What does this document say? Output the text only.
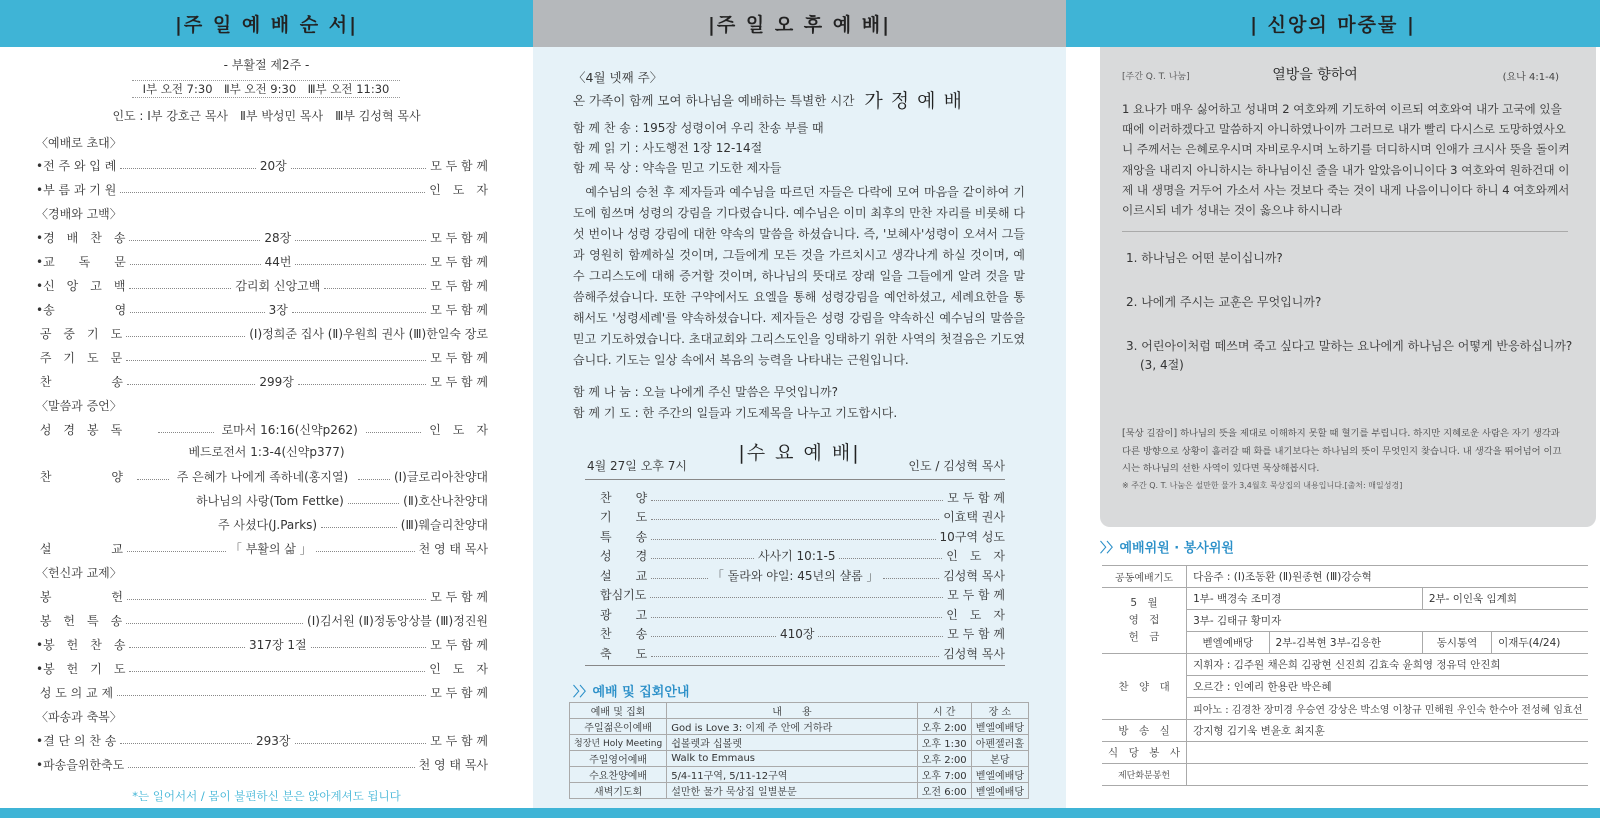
|주 일 예 배 순 서|
- 부활절 제2주 -
Ⅰ부 오전 7:30　Ⅱ부 오전 9:30　Ⅲ부 오전 11:30
인도 : Ⅰ부 강호근 목사　Ⅱ부 박성민 목사　Ⅲ부 김성혁 목사
〈예배로 초대〉
•전 주 와 입 례	20장	모 두 함 께
•부 름 과 기 원	인　도　자
〈경배와 고백〉
•경　배　찬　송	28장	모 두 함 께
•교　　독　　문	44번	모 두 함 께
•신　앙　고　백	감리회 신앙고백	모 두 함 께
•송　　　　　영	3장	모 두 함 께
공　중　기　도	(Ⅰ)정희준 집사 (Ⅱ)우원희 권사 (Ⅲ)한일숙 장로
주　기　도　문	모 두 함 께
찬　　　　　송	299장	모 두 함 께
〈말씀과 증언〉
성　경　봉　독	로마서 16:16(신약p262)	인　도　자
베드로전서 1:3-4(신약p377)
찬　　　　　양	주 은혜가 나에게 족하네(홍지열)	(Ⅰ)글로리아찬양대
하나님의 사랑(Tom Fettke)	(Ⅱ)호산나찬양대
주 사셨다(J.Parks)	(Ⅲ)웨슬리찬양대
설　　　　　교	「 부활의 삶 」	천 영 태 목사
〈헌신과 교제〉
봉　　　　　헌	모 두 함 께
봉　헌　특　송	(Ⅰ)김서원 (Ⅱ)정동앙상블 (Ⅲ)정진원
•봉　헌　찬　송	317장 1절	모 두 함 께
•봉　헌　기　도	인　도　자
성 도 의 교 제	모 두 함 께
〈파송과 축복〉
•결 단 의 찬 송	293장	모 두 함 께
•파송을위한축도	천 영 태 목사
*는 일어서서 / 몸이 불편하신 분은 앉아계셔도 됩니다
|주 일 오 후 예 배|
〈4월 넷째 주〉
온 가족이 함께 모여 하나님을 예배하는 특별한 시간 가 정 예 배
함 께 찬 송 : 195장 성령이여 우리 찬송 부를 때
함 께 읽 기 : 사도행전 1장 12-14절
함 께 묵 상 : 약속을 믿고 기도한 제자들
　예수님의 승천 후 제자들과 예수님을 따르던 자들은 다락에 모여 마음을 같이하여 기도에 힘쓰며 성령의 강림을 기다렸습니다. 예수님은 이미 최후의 만찬 자리를 비롯해 다섯 번이나 성령 강림에 대한 약속의 말씀을 하셨습니다. 즉, '보혜사'성령이 오셔서 그들과 영원히 함께하실 것이며, 그들에게 모든 것을 가르치시고 생각나게 하실 것이며, 예수 그리스도에 대해 증거할 것이며, 하나님의 뜻대로 장래 일을 그들에게 알려 것을 말씀해주셨습니다. 또한 구약에서도 요엘을 통해 성령강림을 예언하셨고, 세례요한을 통해서도 '성령세례'를 약속하셨습니다. 제자들은 성령 강림을 약속하신 예수님의 말씀을 믿고 기도하였습니다. 초대교회와 그리스도인을 잉태하기 위한 사역의 첫걸음은 기도였습니다. 기도는 일상 속에서 복음의 능력을 나타내는 근원입니다.
함 께 나 눔 : 오늘 나에게 주신 말씀은 무엇입니까?
함 께 기 도 : 한 주간의 일들과 기도제목을 나누고 기도합시다.
|수 요 예 배|
4월 27일 오후 7시	인도 / 김성혁 목사
〉〉예배 및 집회안내
예배 및 집회	내　　용	시 간	장 소
주일젊은이예배	God is Love 3: 이제 주 안에 거하라	오후 2:00	벧엘예배당
청장년 Holy Meeting	쉽볼렛과 십볼렛	오후 1:30	아펜젤러홀
주일영어예배	Walk to Emmaus	오후 2:00	본당
수요찬양예배	5/4-11구역, 5/11-12구역	오후 7:00	벧엘예배당
새벽기도회	설만한 물가 묵상집 일별분문	오전 6:00	벧엘예배당
| 신앙의 마중물 |
[주간 Q. T. 나눔]	열방을 향하여	(요나 4:1-4)
1 요나가 매우 싫어하고 성내며 2 여호와께 기도하여 이르되 여호와여 내가 고국에 있을 때에 이러하겠다고 말씀하지 아니하였나이까 그러므로 내가 빨리 다시스로 도망하였사오니 주께서는 은혜로우시며 자비로우시며 노하기를 더디하시며 인애가 크시사 뜻을 돌이켜 재앙을 내리지 아니하시는 하나님이신 줄을 내가 알았음이니이다 3 여호와여 원하건대 이제 내 생명을 거두어 가소서 사는 것보다 죽는 것이 내게 나음이니이다 하니 4 여호와께서 이르시되 네가 성내는 것이 옳으냐 하시니라
1. 하나님은 어떤 분이십니까?
2. 나에게 주시는 교훈은 무엇입니까?
3. 어린아이처럼 떼쓰며 죽고 싶다고 말하는 요나에게 하나님은 어떻게 반응하십니까?
(3, 4절)
[묵상 길잡이] 하나님의 뜻을 제대로 이해하지 못할 때 혈기를 부립니다. 하지만 지혜로운 사람은 자기 생각과 다른 방향으로 상황이 흘러갈 때 화를 내기보다는 하나님의 뜻이 무엇인지 찾습니다. 내 생각을 뛰어넘어 이끄시는 하나님의 선한 사역이 있다면 묵상해봅시다.
※ 주간 Q. T. 나눔은 설만한 물가 3,4월호 묵상집의 내용입니다.[출처: 매일성경]
〉〉예배위원 · 봉사위원
공동예배기도	다음주 : (Ⅰ)조동환 (Ⅱ)원종현 (Ⅲ)강승혁			
5　월
영　접
헌　금	1부- 백경숙 조미경		2부- 이인욱 임계희	
	3부- 김태규 황미자			
	벧엘예배당	2부-김복현 3부-김응한	동시통역	이재두(4/24)
찬　양　대	지휘자 : 김주원 채은희 김광현 신진희 김효숙 윤희영 정유덕 안진희			
	오르간 : 인예리 한용란 박은혜			
	피아노 : 김경찬 장미경 우승연 강상은 박소영 이창규 민해원 우인숙 한수아 전성혜 임효선			
방　송　실	강지형 김기욱 변윤호 최지훈			
식　당　봉　사				
제단화분봉헌				
찬　　양	모 두 함 께
기　　도	이효택 권사
특　　송	10구역 성도
성　　경	사사기 10:1-5	인　도　자
설　　교	「 돌라와 야일: 45년의 샬롬 」	김성혁 목사
합심기도	모 두 함 께
광　　고	인　도　자
찬　　송	410장	모 두 함 께
축　　도	김성혁 목사
